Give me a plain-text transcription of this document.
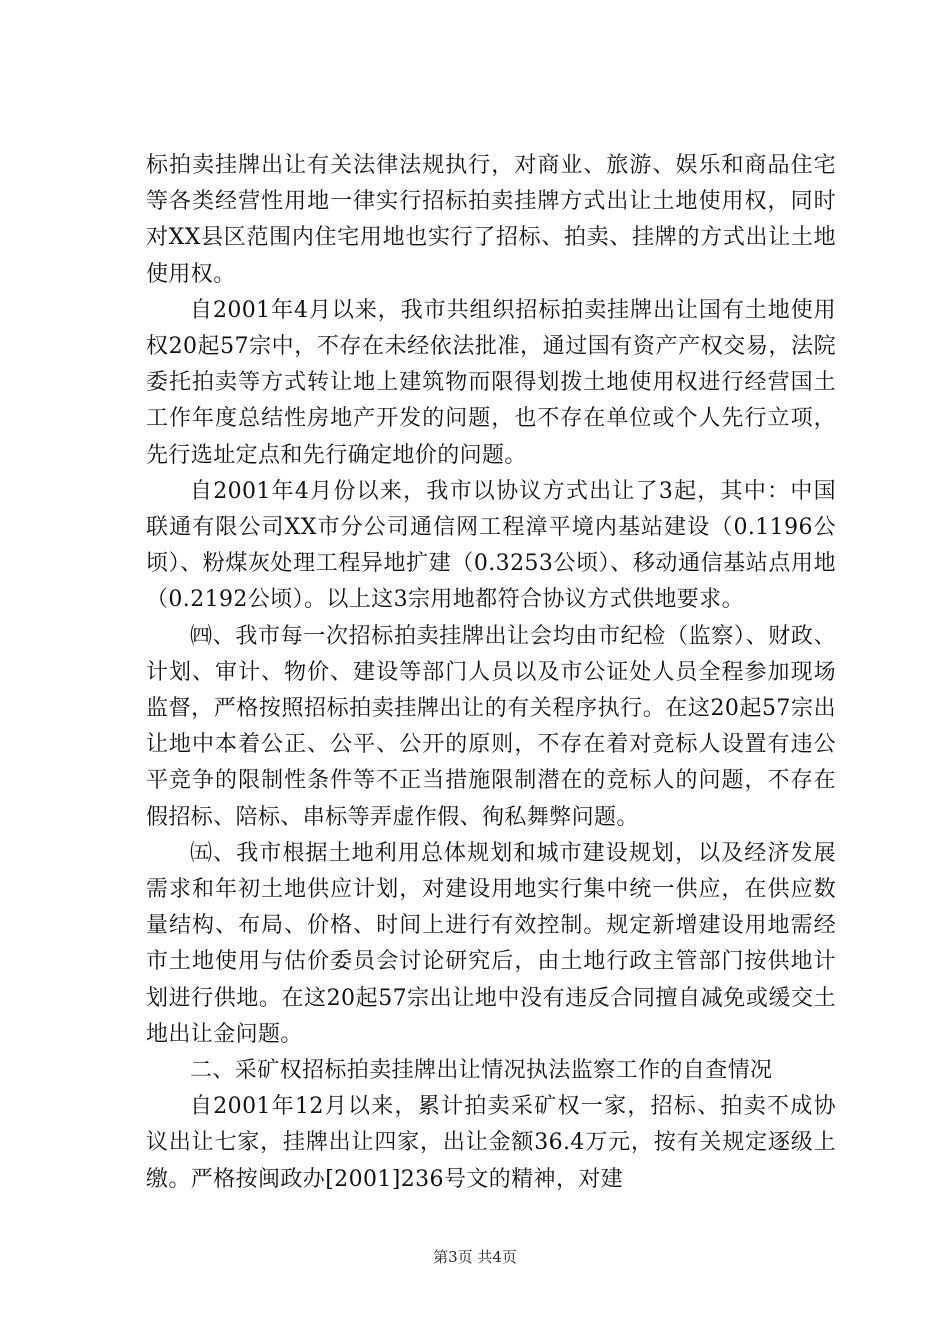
标拍卖挂牌出让有关法律法规执行，对商业、旅游、娱乐和商品住宅等各类经营性用地一律实行招标拍卖挂牌方式出让土地使用权，同时对XX县区范围内住宅用地也实行了招标、拍卖、挂牌的方式出让土地使用权。

自2001年4月以来，我市共组织招标拍卖挂牌出让国有土地使用权20起57宗中，不存在未经依法批准，通过国有资产产权交易，法院委托拍卖等方式转让地上建筑物而限得划拨土地使用权进行经营国土工作年度总结性房地产开发的问题，也不存在单位或个人先行立项，先行选址定点和先行确定地价的问题。

自2001年4月份以来，我市以协议方式出让了3起，其中：中国联通有限公司XX市分公司通信网工程漳平境内基站建设（0.1196公顷）、粉煤灰处理工程异地扩建（0.3253公顷）、移动通信基站点用地（0.2192公顷）。以上这3宗用地都符合协议方式供地要求。

㈣、我市每一次招标拍卖挂牌出让会均由市纪检（监察）、财政、计划、审计、物价、建设等部门人员以及市公证处人员全程参加现场监督，严格按照招标拍卖挂牌出让的有关程序执行。在这20起57宗出让地中本着公正、公平、公开的原则，不存在着对竞标人设置有违公平竞争的限制性条件等不正当措施限制潜在的竞标人的问题，不存在假招标、陪标、串标等弄虚作假、徇私舞弊问题。

㈤、我市根据土地利用总体规划和城市建设规划，以及经济发展需求和年初土地供应计划，对建设用地实行集中统一供应，在供应数量结构、布局、价格、时间上进行有效控制。规定新增建设用地需经市土地使用与估价委员会讨论研究后，由土地行政主管部门按供地计划进行供地。在这20起57宗出让地中没有违反合同擅自减免或缓交土地出让金问题。

二、采矿权招标拍卖挂牌出让情况执法监察工作的自查情况

自2001年12月以来，累计拍卖采矿权一家，招标、拍卖不成协议出让七家，挂牌出让四家，出让金额36.4万元，按有关规定逐级上缴。严格按闽政办[2001]236号文的精神，对建

第3页 共4页
